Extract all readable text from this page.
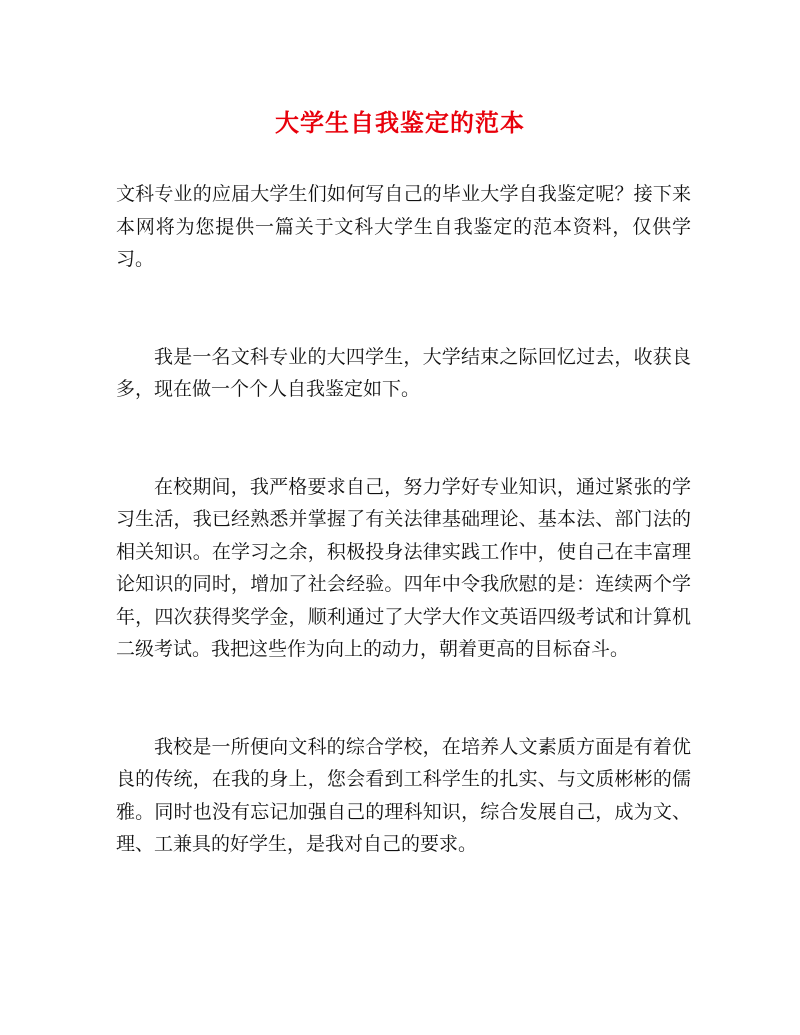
大学生自我鉴定的范本

文科专业的应届大学生们如何写自己的毕业大学自我鉴定呢？接下来本网将为您提供一篇关于文科大学生自我鉴定的范本资料，仅供学习。

我是一名文科专业的大四学生，大学结束之际回忆过去，收获良多，现在做一个个人自我鉴定如下。

在校期间，我严格要求自己，努力学好专业知识，通过紧张的学习生活，我已经熟悉并掌握了有关法律基础理论、基本法、部门法的相关知识。在学习之余，积极投身法律实践工作中，使自己在丰富理论知识的同时，增加了社会经验。四年中令我欣慰的是：连续两个学年，四次获得奖学金，顺利通过了大学大作文英语四级考试和计算机二级考试。我把这些作为向上的动力，朝着更高的目标奋斗。

我校是一所便向文科的综合学校，在培养人文素质方面是有着优良的传统，在我的身上，您会看到工科学生的扎实、与文质彬彬的儒雅。同时也没有忘记加强自己的理科知识，综合发展自己，成为文、理、工兼具的好学生，是我对自己的要求。
